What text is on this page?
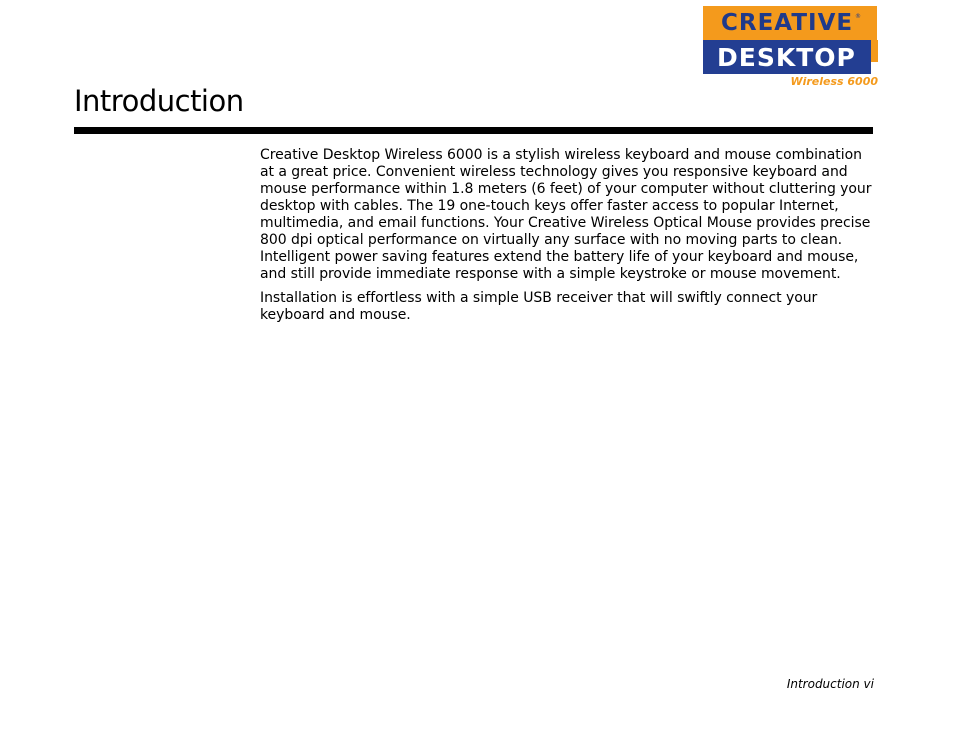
CREATIVE ®
DESKTOP
Wireless 6000
Introduction

Creative Desktop Wireless 6000 is a stylish wireless keyboard and mouse combination at a great price. Convenient wireless technology gives you responsive keyboard and mouse performance within 1.8 meters (6 feet) of your computer without cluttering your desktop with cables. The 19 one-touch keys offer faster access to popular Internet, multimedia, and email functions. Your Creative Wireless Optical Mouse provides precise 800 dpi optical performance on virtually any surface with no moving parts to clean. Intelligent power saving features extend the battery life of your keyboard and mouse, and still provide immediate response with a simple keystroke or mouse movement.

Installation is effortless with a simple USB receiver that will swiftly connect your keyboard and mouse.

Introduction vi
